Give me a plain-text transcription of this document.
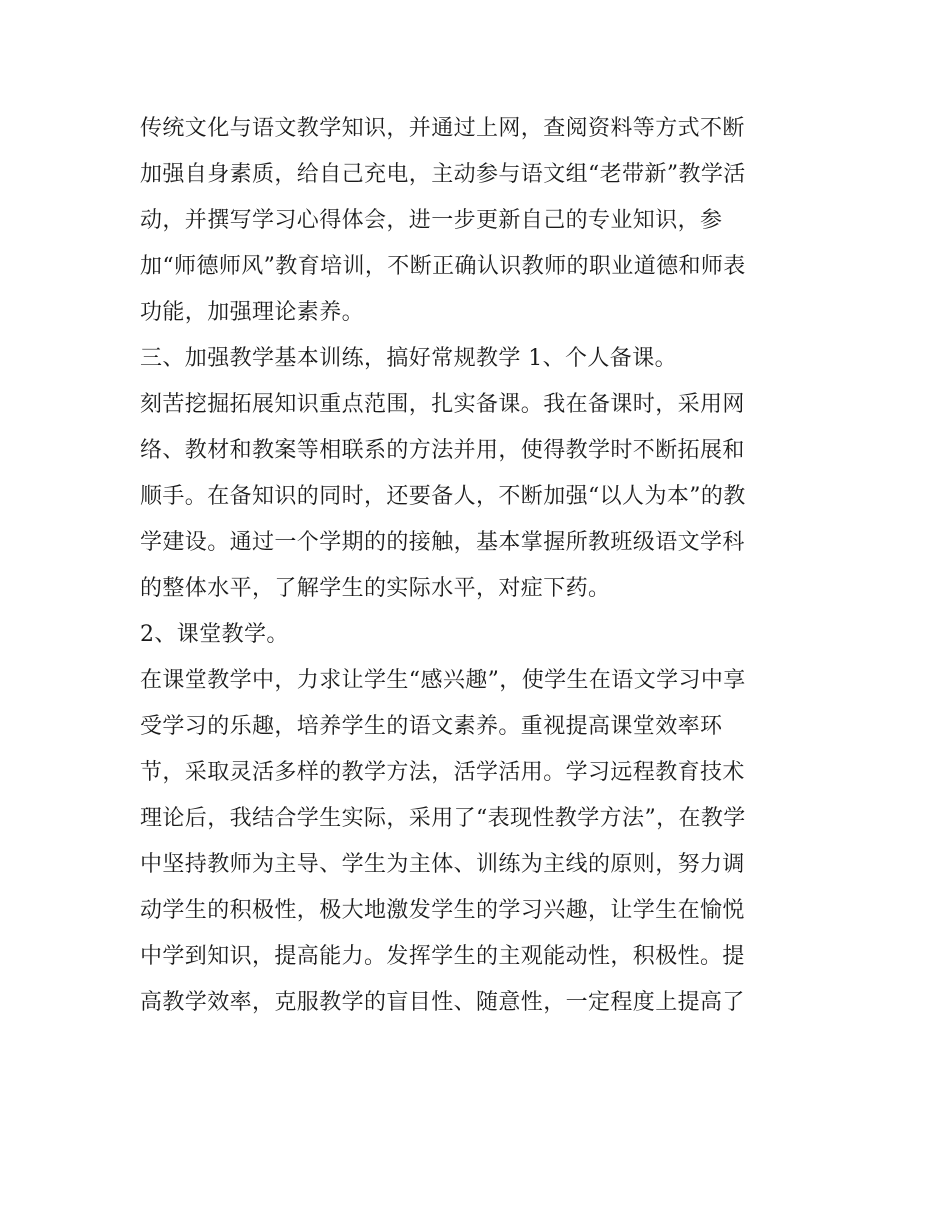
传统文化与语文教学知识，并通过上网，查阅资料等方式不断

加强自身素质，给自己充电，主动参与语文组“老带新”教学活

动，并撰写学习心得体会，进一步更新自己的专业知识，参

加“师德师风”教育培训，不断正确认识教师的职业道德和师表

功能，加强理论素养。

三、加强教学基本训练，搞好常规教学 1、个人备课。

刻苦挖掘拓展知识重点范围，扎实备课。我在备课时，采用网

络、教材和教案等相联系的方法并用，使得教学时不断拓展和

顺手。在备知识的同时，还要备人，不断加强“以人为本”的教

学建设。通过一个学期的的接触，基本掌握所教班级语文学科

的整体水平，了解学生的实际水平，对症下药。

2、课堂教学。

在课堂教学中，力求让学生“感兴趣”，使学生在语文学习中享

受学习的乐趣，培养学生的语文素养。重视提高课堂效率环

节，采取灵活多样的教学方法，活学活用。学习远程教育技术

理论后，我结合学生实际，采用了“表现性教学方法”，在教学

中坚持教师为主导、学生为主体、训练为主线的原则，努力调

动学生的积极性，极大地激发学生的学习兴趣，让学生在愉悦

中学到知识，提高能力。发挥学生的主观能动性，积极性。提

高教学效率，克服教学的盲目性、随意性，一定程度上提高了
